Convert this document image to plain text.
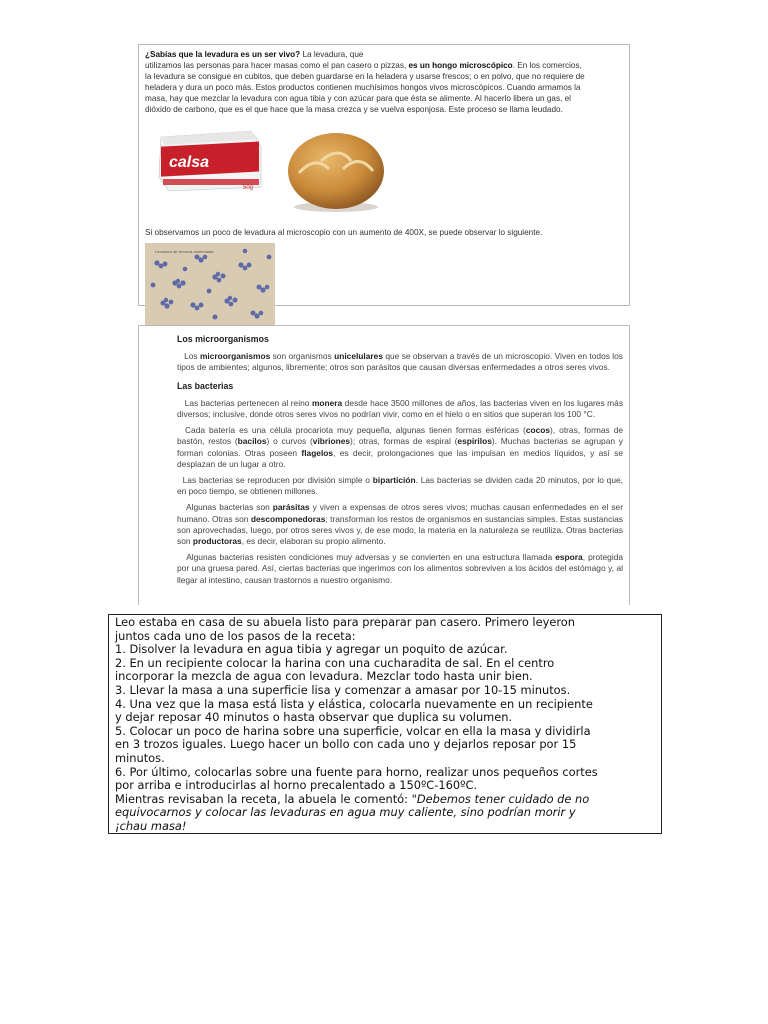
¿Sabías que la levadura es un ser vivo? La levadura, que

utilizamos las personas para hacer masas como el pan casero o pizzas, es un hongo microscópico. En los comercios,

la levadura se consigue en cubitos, que deben guardarse en la heladera y usarse frescos; o en polvo, que no requiere de

heladera y dura un poco más. Estos productos contienen muchísimos hongos vivos microscópicos. Cuando armamos la

masa, hay que mezclar la levadura con agua tibia y con azúcar para que ésta se alimente. Al hacerlo libera un gas, el

dióxido de carbono, que es el que hace que la masa crezca y se vuelva esponjosa. Este proceso se llama leudado.

calsa
50g

Si observamos un poco de levadura al microscopio con un aumento de 400X, se puede observar lo siguiente.

Levadura de cerveza aumentada
Los microorganismos

Los microorganismos son organismos unicelulares que se observan a través de un microscopio. Viven en todos los tipos de ambientes; algunos, libremente; otros son parásitos que causan diversas enfermedades a otros seres vivos.

Las bacterias

Las bacterias pertenecen al reino monera desde hace 3500 millones de años, las bacterias viven en los lugares más diversos; inclusive, donde otros seres vivos no podrían vivir, como en el hielo o en sitios que superan los 100 °C.

Cada batería es una célula procariota muy pequeña, algunas tienen formas esféricas (cocos), otras, formas de bastón, restos (bacilos) o curvos (vibriones); otras, formas de espiral (espirilos). Muchas bacterias se agrupan y forman colonias. Otras poseen flagelos, es decir, prolongaciones que las impulsan en medios líquidos, y así se desplazan de un lugar a otro.

Las bacterias se reproducen por división simple o bipartición. Las bacterias se dividen cada 20 minutos, por lo que, en poco tiempo, se obtienen millones.

Algunas bacterias son parásitas y viven a expensas de otros seres vivos; muchas causan enfermedades en el ser humano. Otras son descomponedoras; transforman los restos de organismos en sustancias simples. Estas sustancias son aprovechadas, luego, por otros seres vivos y, de ese modo, la materia en la naturaleza se reutiliza. Otras bacterias son productoras, es decir, elaboran su propio alimento.

Algunas bacterias resisten condiciones muy adversas y se convierten en una estructura llamada espora, protegida por una gruesa pared. Así, ciertas bacterias que ingerimos con los alimentos sobreviven a los ácidos del estómago y, al llegar al intestino, causan trastornos a nuestro organismo.

Leo estaba en casa de su abuela listo para preparar pan casero. Primero leyeron
juntos cada uno de los pasos de la receta:
1. Disolver la levadura en agua tibia y agregar un poquito de azúcar.
2. En un recipiente colocar la harina con una cucharadita de sal. En el centro
incorporar la mezcla de agua con levadura. Mezclar todo hasta unir bien.
3. Llevar la masa a una superficie lisa y comenzar a amasar por 10-15 minutos.
4. Una vez que la masa está lista y elástica, colocarla nuevamente en un recipiente
y dejar reposar 40 minutos o hasta observar que duplica su volumen.
5. Colocar un poco de harina sobre una superficie, volcar en ella la masa y dividirla
en 3 trozos iguales. Luego hacer un bollo con cada uno y dejarlos reposar por 15
minutos.
6. Por último, colocarlas sobre una fuente para horno, realizar unos pequeños cortes
por arriba e introducirlas al horno precalentado a 150ºC-160ºC.
Mientras revisaban la receta, la abuela le comentó: "Debemos tener cuidado de no
equivocarnos y colocar las levaduras en agua muy caliente, sino podrían morir y
¡chau masa!
